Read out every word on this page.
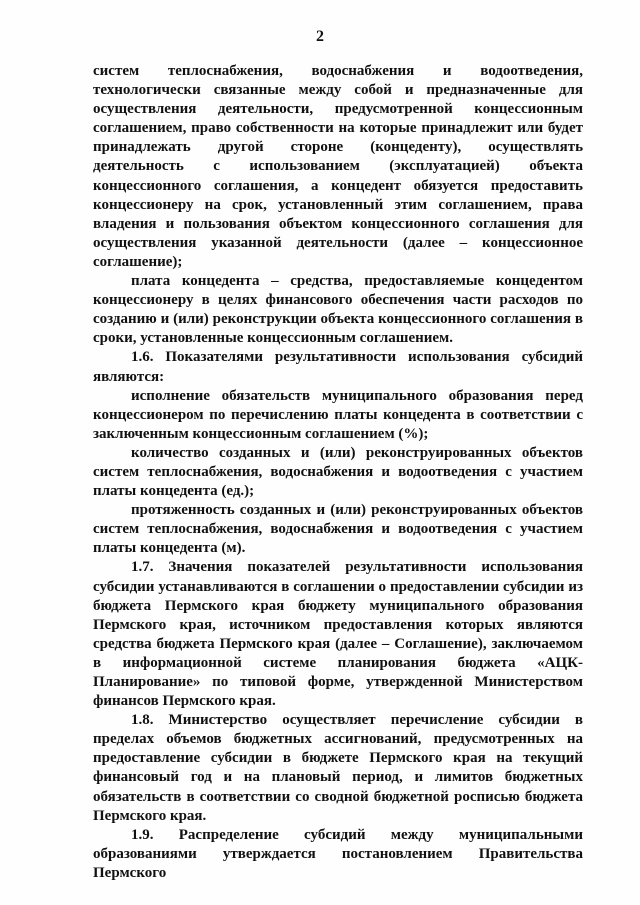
2

систем теплоснабжения, водоснабжения и водоотведения, технологически связанные между собой и предназначенные для осуществления деятельности, предусмотренной концессионным соглашением, право собственности на которые принадлежит или будет принадлежать другой стороне (концеденту), осуществлять деятельность с использованием (эксплуатацией) объекта концессионного соглашения, а концедент обязуется предоставить концессионеру на срок, установленный этим соглашением, права владения и пользования объектом концессионного соглашения для осуществления указанной деятельности (далее – концессионное соглашение);

плата концедента – средства, предоставляемые концедентом концессионеру в целях финансового обеспечения части расходов по созданию и (или) реконструкции объекта концессионного соглашения в сроки, установленные концессионным соглашением.

1.6. Показателями результативности использования субсидий являются:

исполнение обязательств муниципального образования перед концессионером по перечислению платы концедента в соответствии с заключенным концессионным соглашением (%);

количество созданных и (или) реконструированных объектов систем теплоснабжения, водоснабжения и водоотведения с участием платы концедента (ед.);

протяженность созданных и (или) реконструированных объектов систем теплоснабжения, водоснабжения и водоотведения с участием платы концедента (м).

1.7. Значения показателей результативности использования субсидии устанавливаются в соглашении о предоставлении субсидии из бюджета Пермского края бюджету муниципального образования Пермского края, источником предоставления которых являются средства бюджета Пермского края (далее – Соглашение), заключаемом в информационной системе планирования бюджета «АЦК-Планирование» по типовой форме, утвержденной Министерством финансов Пермского края.

1.8. Министерство осуществляет перечисление субсидии в пределах объемов бюджетных ассигнований, предусмотренных на предоставление субсидии в бюджете Пермского края на текущий финансовый год и на плановый период, и лимитов бюджетных обязательств в соответствии со сводной бюджетной росписью бюджета Пермского края.

1.9. Распределение субсидий между муниципальными образованиями утверждается постановлением Правительства Пермского
